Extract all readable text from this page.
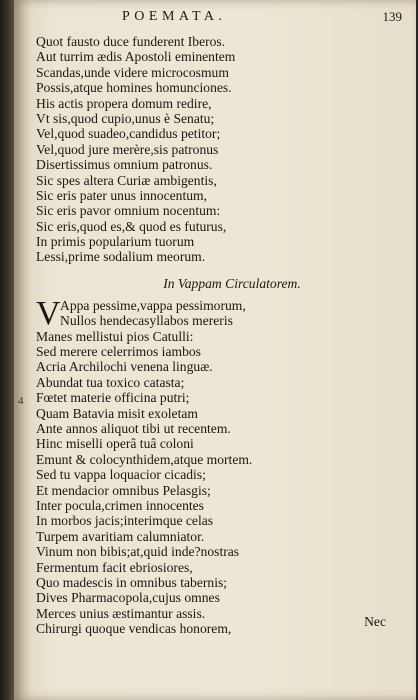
POEMATA.	139
4
Quot fausto duce funderent Iberos.
Aut turrim ædis Apostoli eminentem
Scandas,unde videre microcosmum
Possis,atque homines homunciones.
His actis propera domum redire,
Vt sis,quod cupio,unus è Senatu;
Vel,quod suadeo,candidus petitor;
Vel,quod jure merère,sis patronus
Disertissimus omnium patronus.
Sic spes altera Curiæ ambigentis,
Sic eris pater unus innocentum,
Sic eris pavor omnium nocentum:
Sic eris,quod es,& quod es futurus,
In primis popularium tuorum
Lessi,prime sodalium meorum.
In Vappam Circulatorem.
V Appa pessime,vappa pessimorum,
Nullos hendecasyllabos mereris
Manes mellistui pios Catulli:
Sed merere celerrimos iambos
Acria Archilochi venena linguæ.
Abundat tua toxico catasta;
Fœtet materie officina putri;
Quam Batavia misit exoletam
Ante annos aliquot tibi ut recentem.
Hinc miselli operâ tuâ coloni
Emunt & colocynthidem,atque mortem.
Sed tu vappa loquacior cicadis;
Et mendacior omnibus Pelasgis;
Inter pocula,crimen innocentes
In morbos jacis;interimque celas
Turpem avaritiam calumniator.
Vinum non bibis;at,quid inde?nostras
Fermentum facit ebriosiores,
Quo madescis in omnibus tabernis;
Dives Pharmacopola,cujus omnes
Merces unius æstimantur assis.
Chirurgi quoque vendicas honorem,	Nec
